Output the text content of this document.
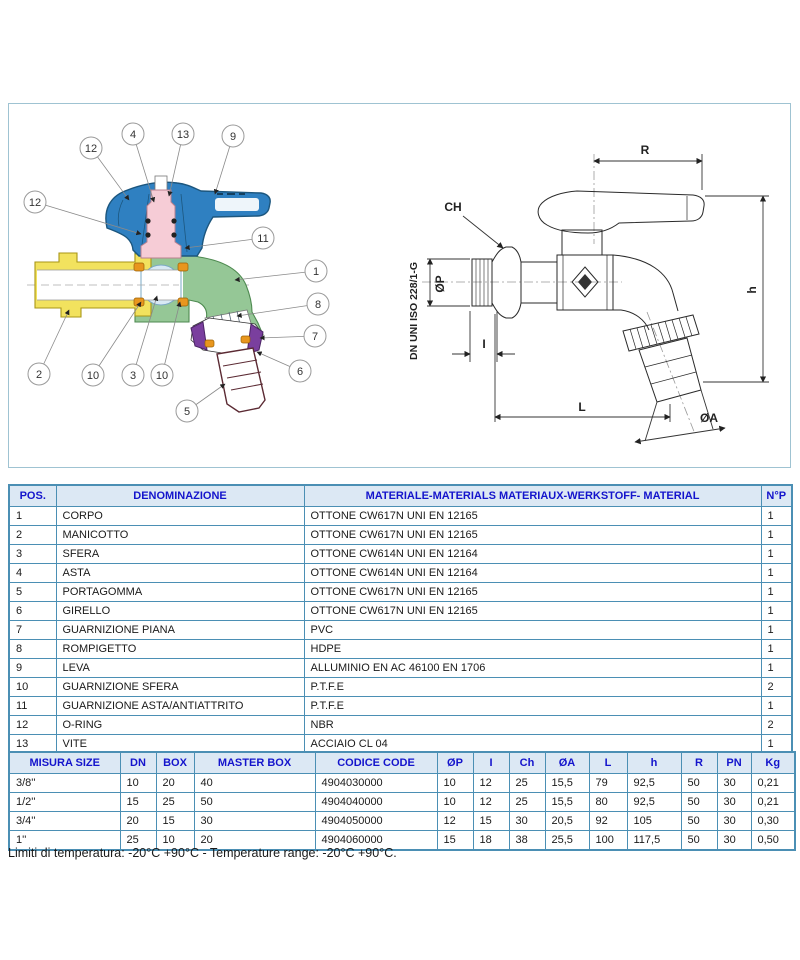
12
4	13	9
12
11
1
8
7
6
2	10	3 10
5
R
h
CH
ØP
DN UNI ISO 228/1-G	I
L
ØA
POS.	DENOMINAZIONE	MATERIALE-MATERIALS MATERIAUX-WERKSTOFF- MATERIAL	N°P
1	CORPO	OTTONE CW617N UNI EN 12165	1
2	MANICOTTO	OTTONE CW617N UNI EN 12165	1
3	SFERA	OTTONE CW614N UNI EN 12164	1
4	ASTA	OTTONE CW614N UNI EN 12164	1
5	PORTAGOMMA	OTTONE CW617N UNI EN 12165	1
6	GIRELLO	OTTONE CW617N UNI EN 12165	1
7	GUARNIZIONE PIANA	PVC	1
8	ROMPIGETTO	HDPE	1
9	LEVA	ALLUMINIO EN AC 46100 EN 1706	1
10	GUARNIZIONE SFERA	P.T.F.E	2
11	GUARNIZIONE ASTA/ANTIATTRITO	P.T.F.E	1
12	O-RING	NBR	2
13	VITE	ACCIAIO CL 04	1
MISURA SIZE	DN	BOX	MASTER BOX	CODICE CODE	ØP	I	Ch	ØA	L	h	R	PN	Kg
3/8''	10	20	40	4904030000	10	12	25	15,5	79	92,5	50	30	0,21
1/2''	15	25	50	4904040000	10	12	25	15,5	80	92,5	50	30	0,21
3/4''	20	15	30	4904050000	12	15	30	20,5	92	105	50	30	0,30
1''	25	10	20	4904060000	15	18	38	25,5	100	117,5	50	30	0,50
Limiti di temperatura: -20°C +90°C - Temperature range: -20°C +90°C.
